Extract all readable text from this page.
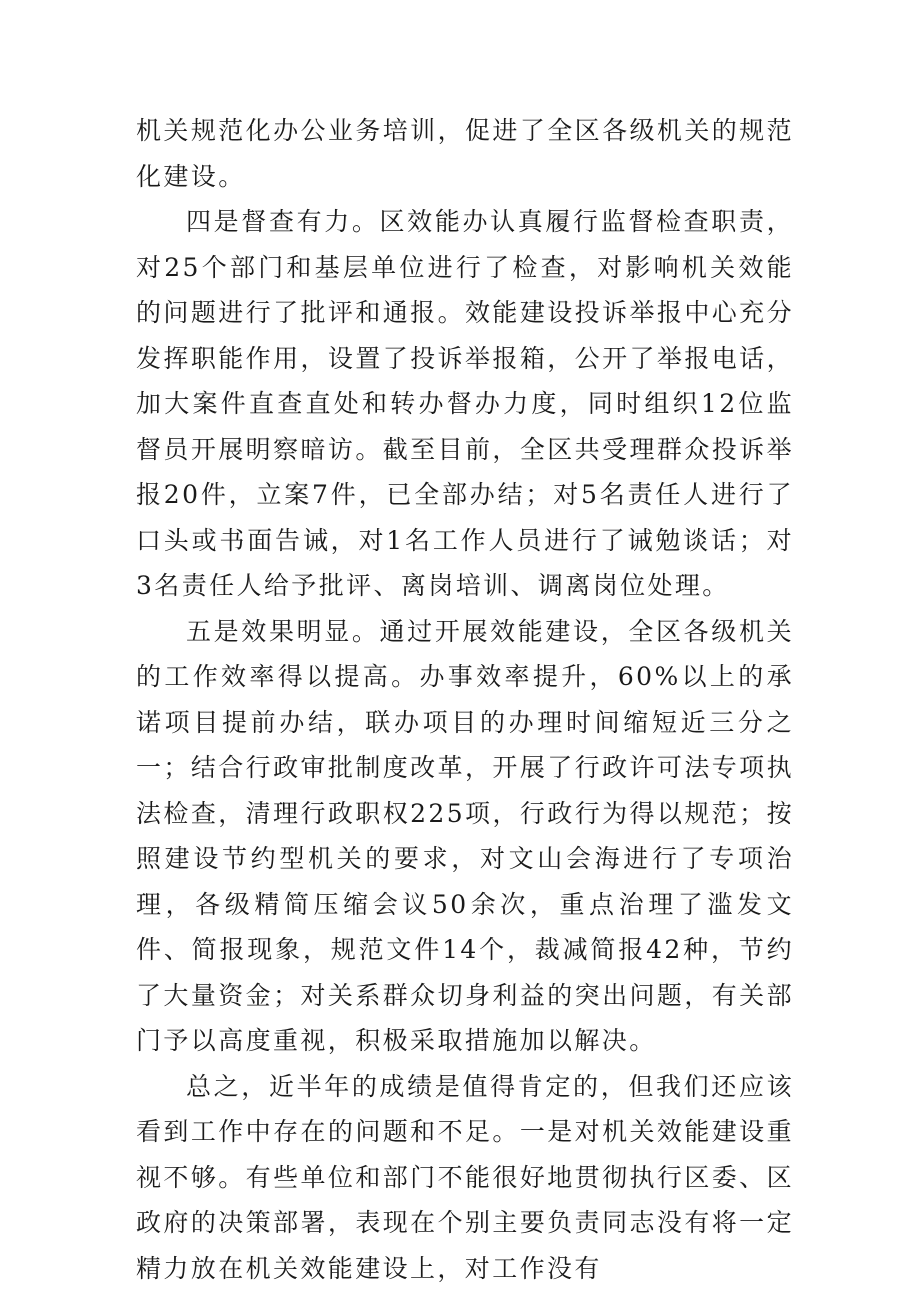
机关规范化办公业务培训，促进了全区各级机关的规范化建设。

四是督查有力。区效能办认真履行监督检查职责，对25个部门和基层单位进行了检查，对影响机关效能的问题进行了批评和通报。效能建设投诉举报中心充分发挥职能作用，设置了投诉举报箱，公开了举报电话，加大案件直查直处和转办督办力度，同时组织12位监督员开展明察暗访。截至目前，全区共受理群众投诉举报20件，立案7件，已全部办结；对5名责任人进行了口头或书面告诫，对1名工作人员进行了诫勉谈话；对3名责任人给予批评、离岗培训、调离岗位处理。

五是效果明显。通过开展效能建设，全区各级机关的工作效率得以提高。办事效率提升，60%以上的承诺项目提前办结，联办项目的办理时间缩短近三分之一；结合行政审批制度改革，开展了行政许可法专项执法检查，清理行政职权225项，行政行为得以规范；按照建设节约型机关的要求，对文山会海进行了专项治理，各级精简压缩会议50余次，重点治理了滥发文件、简报现象，规范文件14个，裁减简报42种，节约了大量资金；对关系群众切身利益的突出问题，有关部门予以高度重视，积极采取措施加以解决。

总之，近半年的成绩是值得肯定的，但我们还应该看到工作中存在的问题和不足。一是对机关效能建设重视不够。有些单位和部门不能很好地贯彻执行区委、区政府的决策部署，表现在个别主要负责同志没有将一定精力放在机关效能建设上，对工作没有
